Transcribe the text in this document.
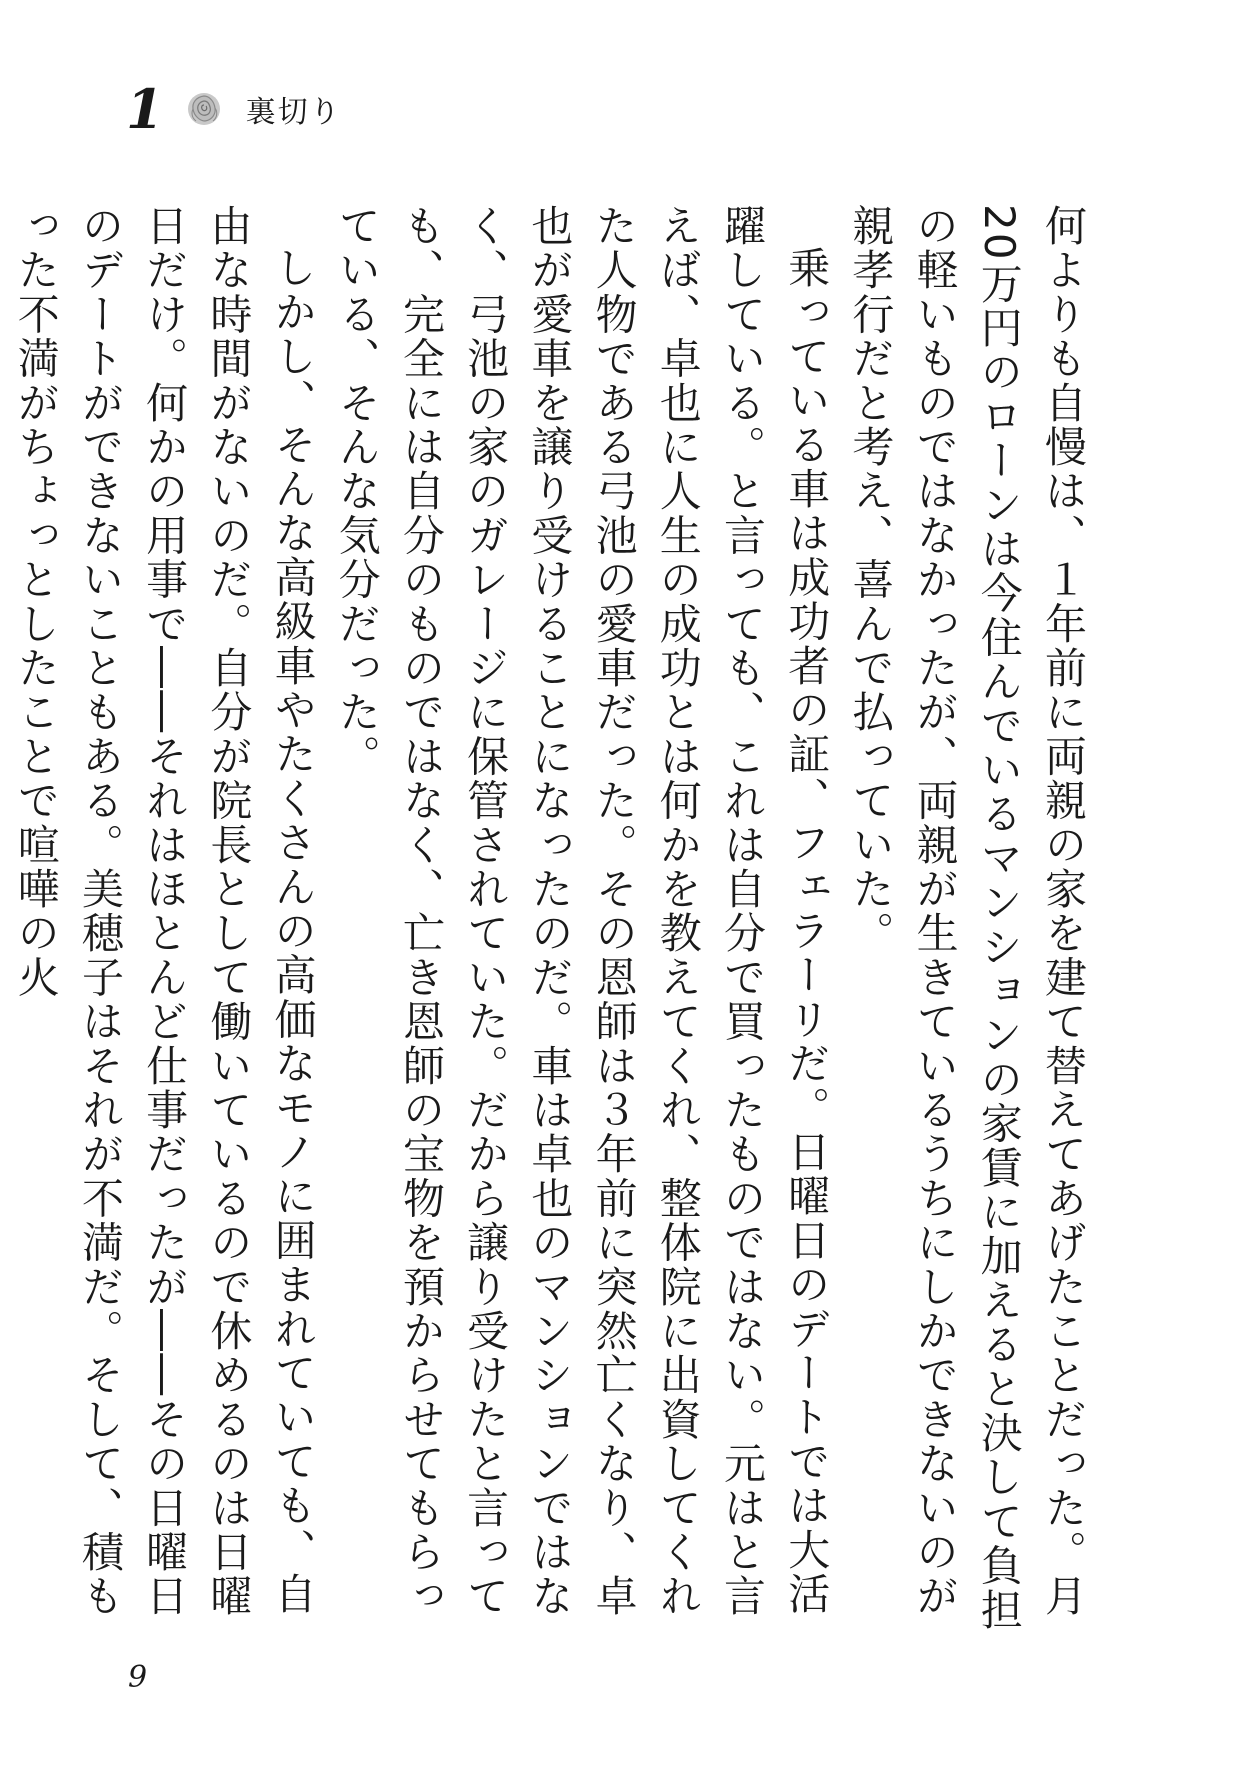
1	裏切り

何よりも自慢は、１年前に両親の家を建て替えてあげたことだった。月20万円のローンは今住んでいるマンションの家賃に加えると決して負担の軽いものではなかったが、両親が生きているうちにしかできないのが親孝行だと考え、喜んで払っていた。

乗っている車は成功者の証、フェラーリだ。日曜日のデートでは大活躍している。と言っても、これは自分で買ったものではない。元はと言えば、卓也に人生の成功とは何かを教えてくれ、整体院に出資してくれた人物である弓池の愛車だった。その恩師は３年前に突然亡くなり、卓也が愛車を譲り受けることになったのだ。車は卓也のマンションではなく、弓池の家のガレージに保管されていた。だから譲り受けたと言っても、完全には自分のものではなく、亡き恩師の宝物を預からせてもらっている、そんな気分だった。

しかし、そんな高級車やたくさんの高価なモノに囲まれていても、自由な時間がないのだ。自分が院長として働いているので休めるのは日曜日だけ。何かの用事で――それはほとんど仕事だったが――その日曜日のデートができないこともある。美穂子はそれが不満だ。そして、積もった不満がちょっとしたことで喧嘩の火

9
